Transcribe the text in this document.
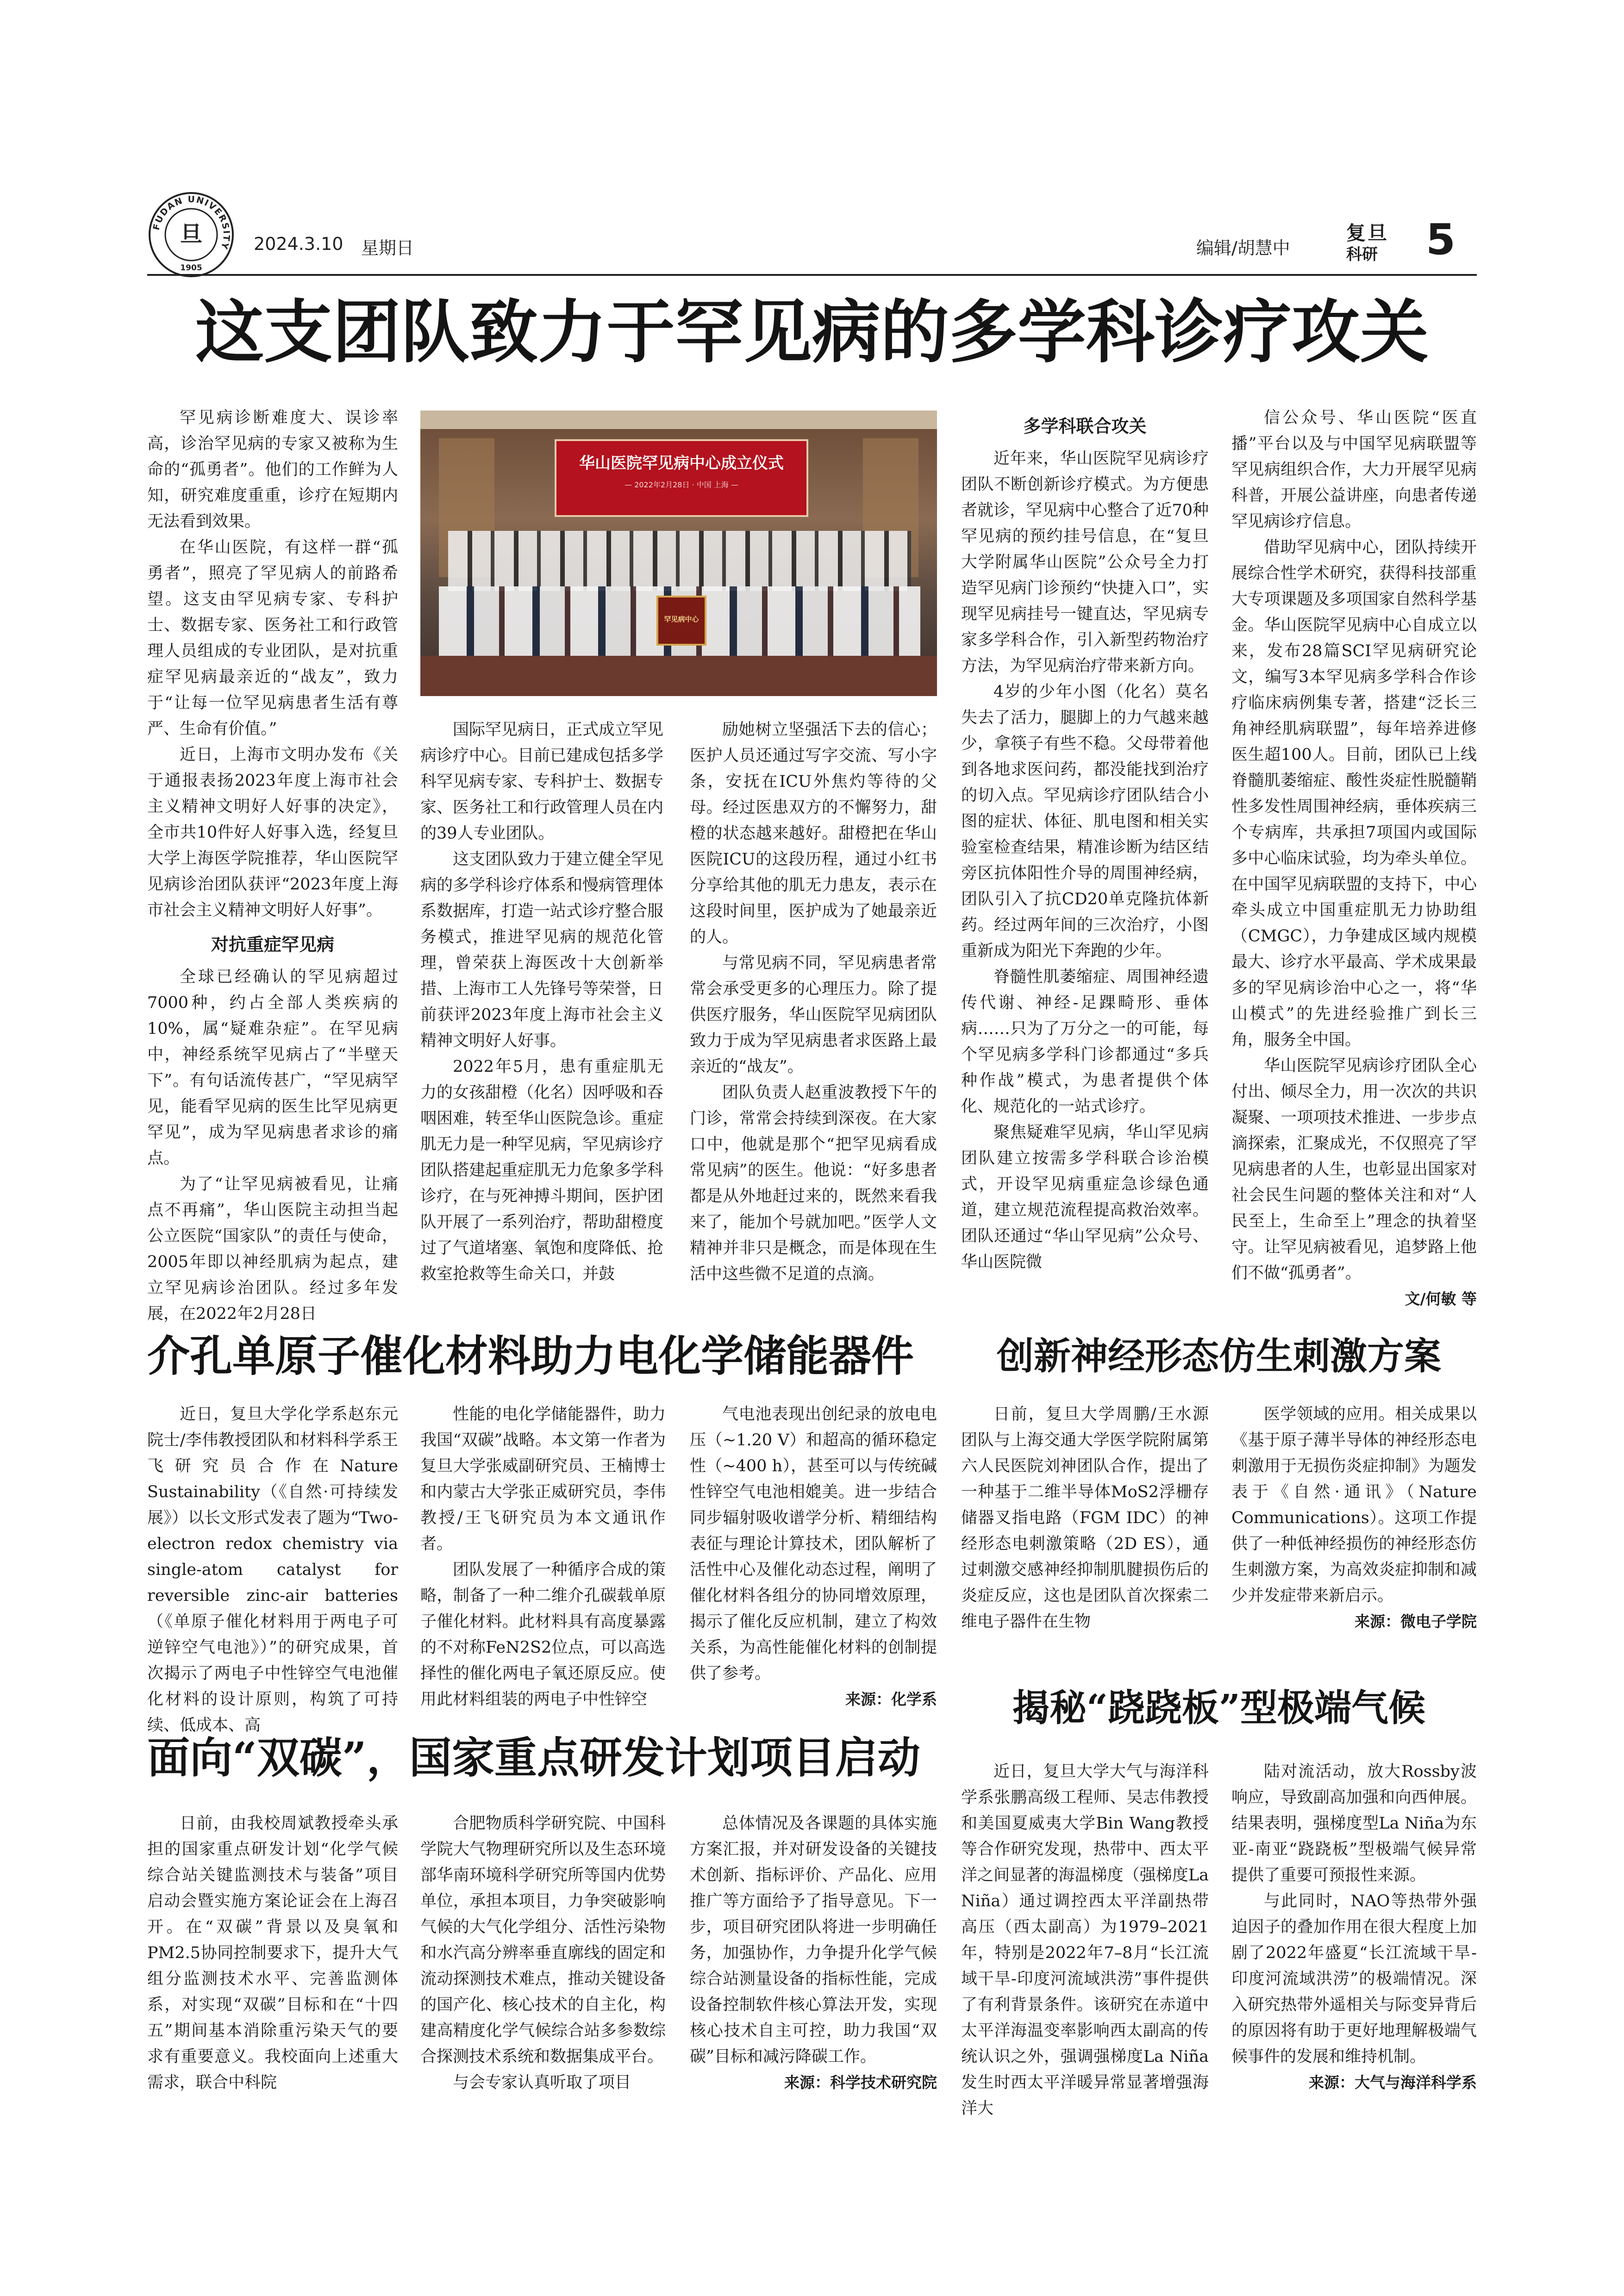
FUDAN UNIVERSITY
旦
1905
2024.3.10 星期日	编辑/胡慧中
复旦
科研 5
这支团队致力于罕见病的多学科诊疗攻关
华山医院罕见病中心成立仪式
— 2022年2月28日 · 中国 上海 —
罕见病中心

罕见病诊断难度大、误诊率高，诊治罕见病的专家又被称为生命的“孤勇者”。他们的工作鲜为人知，研究难度重重，诊疗在短期内无法看到效果。

在华山医院，有这样一群“孤勇者”，照亮了罕见病人的前路希望。这支由罕见病专家、专科护士、数据专家、医务社工和行政管理人员组成的专业团队，是对抗重症罕见病最亲近的“战友”，致力于“让每一位罕见病患者生活有尊严、生命有价值。”

近日，上海市文明办发布《关于通报表扬2023年度上海市社会主义精神文明好人好事的决定》，全市共10件好人好事入选，经复旦大学上海医学院推荐，华山医院罕见病诊治团队获评“2023年度上海市社会主义精神文明好人好事”。

对抗重症罕见病

全球已经确认的罕见病超过7000种，约占全部人类疾病的10%，属“疑难杂症”。在罕见病中，神经系统罕见病占了“半壁天下”。有句话流传甚广，“罕见病罕见，能看罕见病的医生比罕见病更罕见”，成为罕见病患者求诊的痛点。

为了“让罕见病被看见，让痛点不再痛”，华山医院主动担当起公立医院“国家队”的责任与使命，2005年即以神经肌病为起点，建立罕见病诊治团队。经过多年发展，在2022年2月28日

国际罕见病日，正式成立罕见病诊疗中心。目前已建成包括多学科罕见病专家、专科护士、数据专家、医务社工和行政管理人员在内的39人专业团队。

这支团队致力于建立健全罕见病的多学科诊疗体系和慢病管理体系数据库，打造一站式诊疗整合服务模式，推进罕见病的规范化管理，曾荣获上海医改十大创新举措、上海市工人先锋号等荣誉，日前获评2023年度上海市社会主义精神文明好人好事。

2022年5月，患有重症肌无力的女孩甜橙（化名）因呼吸和吞咽困难，转至华山医院急诊。重症肌无力是一种罕见病，罕见病诊疗团队搭建起重症肌无力危象多学科诊疗，在与死神搏斗期间，医护团队开展了一系列治疗，帮助甜橙度过了气道堵塞、氧饱和度降低、抢救室抢救等生命关口，并鼓

励她树立坚强活下去的信心；医护人员还通过写字交流、写小字条，安抚在ICU外焦灼等待的父母。经过医患双方的不懈努力，甜橙的状态越来越好。甜橙把在华山医院ICU的这段历程，通过小红书分享给其他的肌无力患友，表示在这段时间里，医护成为了她最亲近的人。

与常见病不同，罕见病患者常常会承受更多的心理压力。除了提供医疗服务，华山医院罕见病团队致力于成为罕见病患者求医路上最亲近的“战友”。

团队负责人赵重波教授下午的门诊，常常会持续到深夜。在大家口中，他就是那个“把罕见病看成常见病”的医生。他说：“好多患者都是从外地赶过来的，既然来看我来了，能加个号就加吧。”医学人文精神并非只是概念，而是体现在生活中这些微不足道的点滴。

多学科联合攻关

近年来，华山医院罕见病诊疗团队不断创新诊疗模式。为方便患者就诊，罕见病中心整合了近70种罕见病的预约挂号信息，在“复旦大学附属华山医院”公众号全力打造罕见病门诊预约“快捷入口”，实现罕见病挂号一键直达，罕见病专家多学科合作，引入新型药物治疗方法，为罕见病治疗带来新方向。

4岁的少年小图（化名）莫名失去了活力，腿脚上的力气越来越少，拿筷子有些不稳。父母带着他到各地求医问药，都没能找到治疗的切入点。罕见病诊疗团队结合小图的症状、体征、肌电图和相关实验室检查结果，精准诊断为结区结旁区抗体阳性介导的周围神经病，团队引入了抗CD20单克隆抗体新药。经过两年间的三次治疗，小图重新成为阳光下奔跑的少年。

脊髓性肌萎缩症、周围神经遗传代谢、神经-足踝畸形、垂体病……只为了万分之一的可能，每个罕见病多学科门诊都通过“多兵种作战”模式，为患者提供个体化、规范化的一站式诊疗。

聚焦疑难罕见病，华山罕见病团队建立按需多学科联合诊治模式，开设罕见病重症急诊绿色通道，建立规范流程提高救治效率。团队还通过“华山罕见病”公众号、华山医院微

信公众号、华山医院“医直播”平台以及与中国罕见病联盟等罕见病组织合作，大力开展罕见病科普，开展公益讲座，向患者传递罕见病诊疗信息。

借助罕见病中心，团队持续开展综合性学术研究，获得科技部重大专项课题及多项国家自然科学基金。华山医院罕见病中心自成立以来，发布28篇SCI罕见病研究论文，编写3本罕见病多学科合作诊疗临床病例集专著，搭建“泛长三角神经肌病联盟”，每年培养进修医生超100人。目前，团队已上线脊髓肌萎缩症、酸性炎症性脱髓鞘性多发性周围神经病，垂体疾病三个专病库，共承担7项国内或国际多中心临床试验，均为牵头单位。在中国罕见病联盟的支持下，中心牵头成立中国重症肌无力协助组（CMGC），力争建成区域内规模最大、诊疗水平最高、学术成果最多的罕见病诊治中心之一，将“华山模式”的先进经验推广到长三角，服务全中国。

华山医院罕见病诊疗团队全心付出、倾尽全力，用一次次的共识凝聚、一项项技术推进、一步步点滴探索，汇聚成光，不仅照亮了罕见病患者的人生，也彰显出国家对社会民生问题的整体关注和对“人民至上，生命至上”理念的执着坚守。让罕见病被看见，追梦路上他们不做“孤勇者”。

文/何敏 等

介孔单原子催化材料助力电化学储能器件

近日，复旦大学化学系赵东元院士/李伟教授团队和材料科学系王飞研究员合作在Nature Sustainability（《自然·可持续发展》）以长文形式发表了题为“Two-electron redox chemistry via single-atom catalyst for reversible zinc‐air batteries（《单原子催化材料用于两电子可逆锌空气电池》）”的研究成果，首次揭示了两电子中性锌空气电池催化材料的设计原则，构筑了可持续、低成本、高

性能的电化学储能器件，助力我国“双碳”战略。本文第一作者为复旦大学张威副研究员、王楠博士和内蒙古大学张正威研究员，李伟教授/王飞研究员为本文通讯作者。

团队发展了一种循序合成的策略，制备了一种二维介孔碳载单原子催化材料。此材料具有高度暴露的不对称FeN2S2位点，可以高选择性的催化两电子氧还原反应。使用此材料组装的两电子中性锌空

气电池表现出创纪录的放电电压（~1.20 V）和超高的循环稳定性（~400 h），甚至可以与传统碱性锌空气电池相媲美。进一步结合同步辐射吸收谱学分析、精细结构表征与理论计算技术，团队解析了活性中心及催化动态过程，阐明了催化材料各组分的协同增效原理，揭示了催化反应机制，建立了构效关系，为高性能催化材料的创制提供了参考。

来源：化学系

创新神经形态仿生刺激方案

日前，复旦大学周鹏/王水源团队与上海交通大学医学院附属第六人民医院刘神团队合作，提出了一种基于二维半导体MoS2浮栅存储器叉指电路（FGM IDC）的神经形态电刺激策略（2D ES），通过刺激交感神经抑制肌腱损伤后的炎症反应，这也是团队首次探索二维电子器件在生物

医学领域的应用。相关成果以《基于原子薄半导体的神经形态电刺激用于无损伤炎症抑制》为题发表于《自然·通讯》（Nature Communications）。这项工作提供了一种低神经损伤的神经形态仿生刺激方案，为高效炎症抑制和减少并发症带来新启示。

来源：微电子学院

面向“双碳”，国家重点研发计划项目启动

日前，由我校周斌教授牵头承担的国家重点研发计划“化学气候综合站关键监测技术与装备”项目启动会暨实施方案论证会在上海召开。在“双碳”背景以及臭氧和PM2.5协同控制要求下，提升大气组分监测技术水平、完善监测体系，对实现“双碳”目标和在“十四五”期间基本消除重污染天气的要求有重要意义。我校面向上述重大需求，联合中科院

合肥物质科学研究院、中国科学院大气物理研究所以及生态环境部华南环境科学研究所等国内优势单位，承担本项目，力争突破影响气候的大气化学组分、活性污染物和水汽高分辨率垂直廓线的固定和流动探测技术难点，推动关键设备的国产化、核心技术的自主化，构建高精度化学气候综合站多参数综合探测技术系统和数据集成平台。

与会专家认真听取了项目

总体情况及各课题的具体实施方案汇报，并对研发设备的关键技术创新、指标评价、产品化、应用推广等方面给予了指导意见。下一步，项目研究团队将进一步明确任务，加强协作，力争提升化学气候综合站测量设备的指标性能，完成设备控制软件核心算法开发，实现核心技术自主可控，助力我国“双碳”目标和减污降碳工作。

来源：科学技术研究院

揭秘“跷跷板”型极端气候

近日，复旦大学大气与海洋科学系张鹏高级工程师、吴志伟教授和美国夏威夷大学Bin Wang教授等合作研究发现，热带中、西太平洋之间显著的海温梯度（强梯度La Niña）通过调控西太平洋副热带高压（西太副高）为1979–2021年，特别是2022年7–8月“长江流域干旱-印度河流域洪涝”事件提供了有利背景条件。该研究在赤道中太平洋海温变率影响西太副高的传统认识之外，强调强梯度La Niña发生时西太平洋暖异常显著增强海洋大

陆对流活动，放大Rossby波响应，导致副高加强和向西伸展。结果表明，强梯度型La Niña为东亚-南亚“跷跷板”型极端气候异常提供了重要可预报性来源。

与此同时，NAO等热带外强迫因子的叠加作用在很大程度上加剧了2022年盛夏“长江流域干旱-印度河流域洪涝”的极端情况。深入研究热带外遥相关与际变异背后的原因将有助于更好地理解极端气候事件的发展和维持机制。

来源：大气与海洋科学系
